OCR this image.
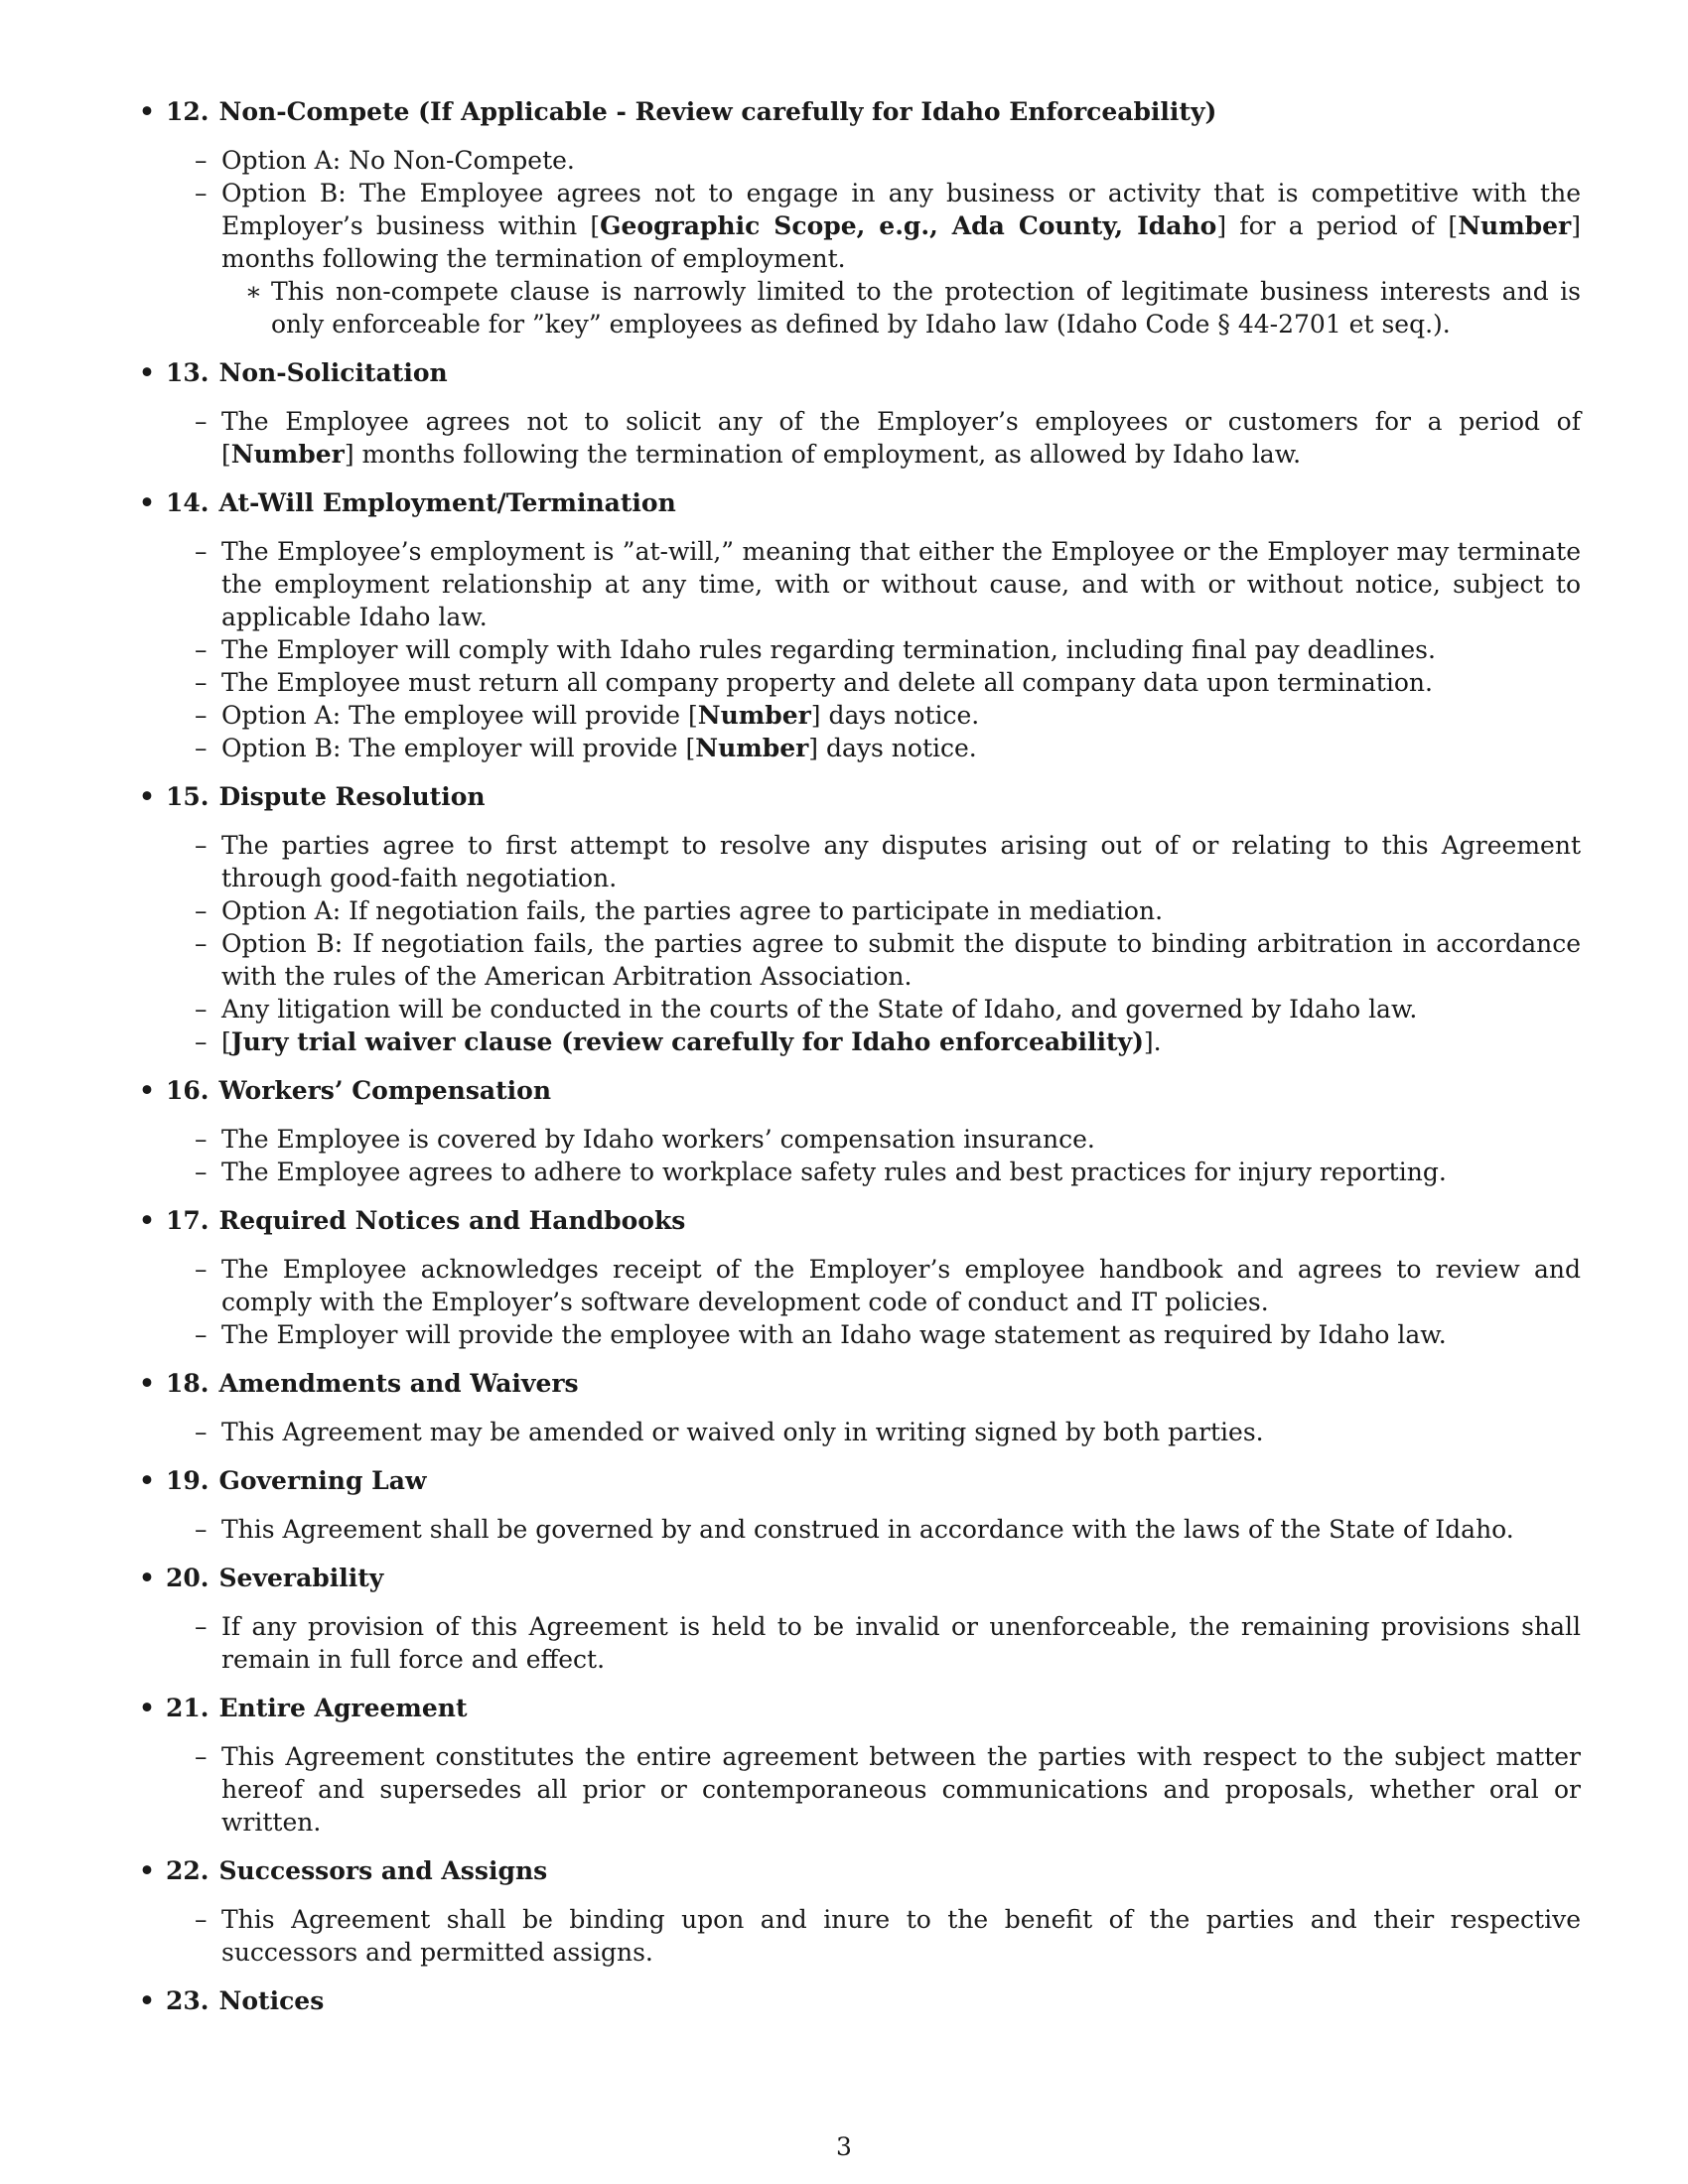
• 12. Non-Compete (If Applicable - Review carefully for Idaho Enforceability)
– Option A: No Non-Compete.
– Option B: The Employee agrees not to engage in any business or activity that is competitive with the Employer’s business within [Geographic Scope, e.g., Ada County, Idaho] for a period of [Number] months following the termination of employment.
∗ This non-compete clause is narrowly limited to the protection of legitimate business interests and is only enforceable for ”key” employees as defined by Idaho law (Idaho Code § 44-2701 et seq.).
• 13. Non-Solicitation
– The Employee agrees not to solicit any of the Employer’s employees or customers for a period of [Number] months following the termination of employment, as allowed by Idaho law.
• 14. At-Will Employment/Termination
– The Employee’s employment is ”at-will,” meaning that either the Employee or the Employer may terminate the employment relationship at any time, with or without cause, and with or without notice, subject to applicable Idaho law.
– The Employer will comply with Idaho rules regarding termination, including final pay deadlines.
– The Employee must return all company property and delete all company data upon termination.
– Option A: The employee will provide [Number] days notice.
– Option B: The employer will provide [Number] days notice.
• 15. Dispute Resolution
– The parties agree to first attempt to resolve any disputes arising out of or relating to this Agreement through good-faith negotiation.
– Option A: If negotiation fails, the parties agree to participate in mediation.
– Option B: If negotiation fails, the parties agree to submit the dispute to binding arbitration in accordance with the rules of the American Arbitration Association.
– Any litigation will be conducted in the courts of the State of Idaho, and governed by Idaho law.
– [Jury trial waiver clause (review carefully for Idaho enforceability)].
• 16. Workers’ Compensation
– The Employee is covered by Idaho workers’ compensation insurance.
– The Employee agrees to adhere to workplace safety rules and best practices for injury reporting.
• 17. Required Notices and Handbooks
– The Employee acknowledges receipt of the Employer’s employee handbook and agrees to review and comply with the Employer’s software development code of conduct and IT policies.
– The Employer will provide the employee with an Idaho wage statement as required by Idaho law.
• 18. Amendments and Waivers
– This Agreement may be amended or waived only in writing signed by both parties.
• 19. Governing Law
– This Agreement shall be governed by and construed in accordance with the laws of the State of Idaho.
• 20. Severability
– If any provision of this Agreement is held to be invalid or unenforceable, the remaining provisions shall remain in full force and effect.
• 21. Entire Agreement
– This Agreement constitutes the entire agreement between the parties with respect to the subject matter hereof and supersedes all prior or contemporaneous communications and proposals, whether oral or written.
• 22. Successors and Assigns
– This Agreement shall be binding upon and inure to the benefit of the parties and their respective successors and permitted assigns.
• 23. Notices
3
